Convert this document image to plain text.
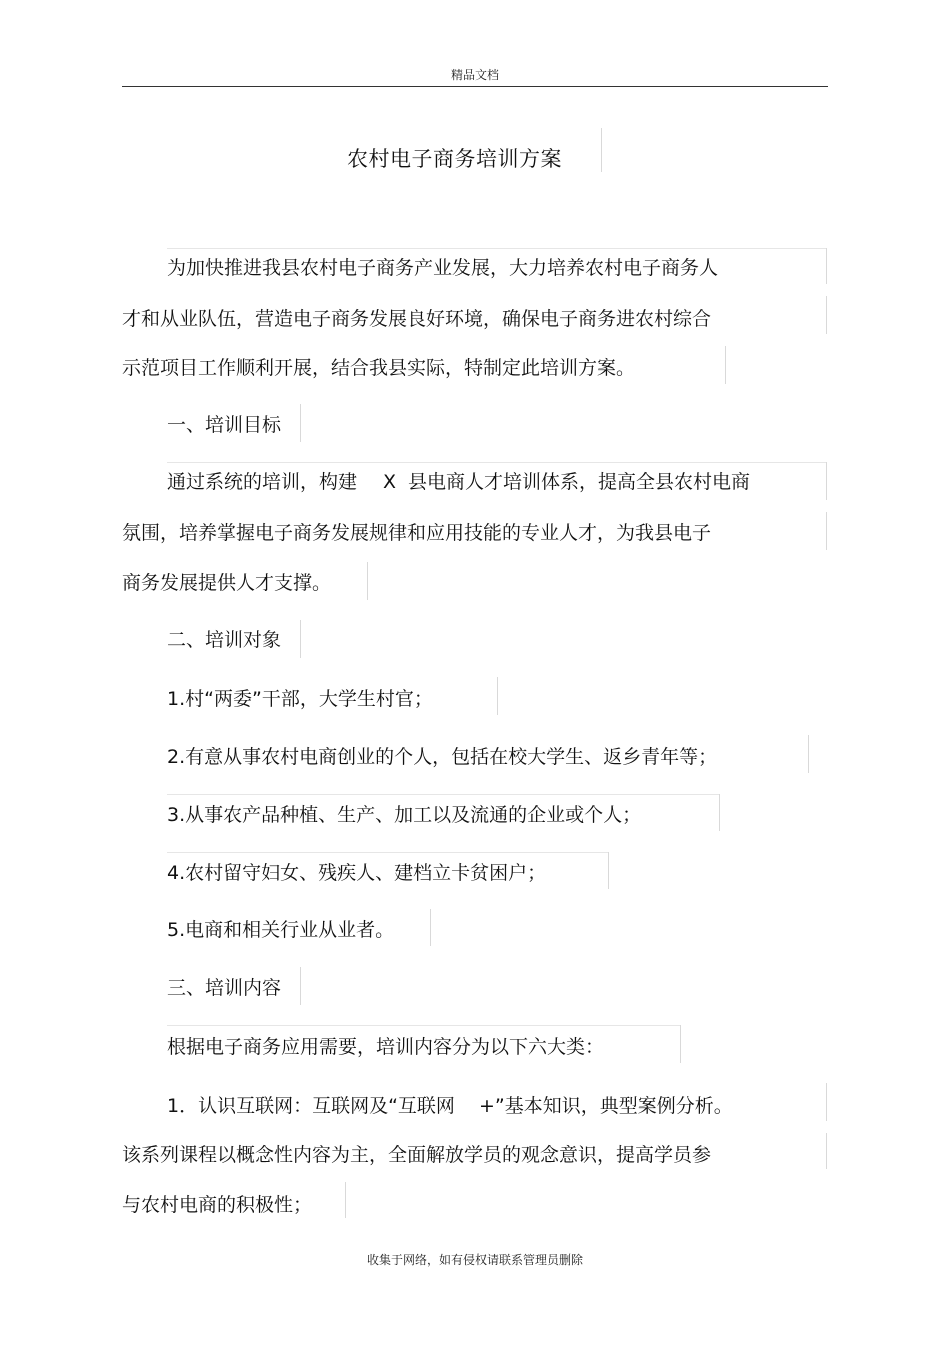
精品文档
农村电子商务培训方案
为加快推进我县农村电子商务产业发展，大力培养农村电子商务人
才和从业队伍，营造电子商务发展良好环境，确保电子商务进农村综合
示范项目工作顺利开展，结合我县实际，特制定此培训方案。
一、培训目标
通过系统的培训，构建 X 县电商人才培训体系，提高全县农村电商
氛围，培养掌握电子商务发展规律和应用技能的专业人才，为我县电子
商务发展提供人才支撑。
二、培训对象
1.村“两委”干部，大学生村官；
2.有意从事农村电商创业的个人，包括在校大学生、返乡青年等；
3.从事农产品种植、生产、加工以及流通的企业或个人；
4.农村留守妇女、残疾人、建档立卡贫困户；
5.电商和相关行业从业者。
三、培训内容
根据电子商务应用需要，培训内容分为以下六大类：
1．认识互联网：互联网及“互联网 +”基本知识，典型案例分析。
该系列课程以概念性内容为主，全面解放学员的观念意识，提高学员参
与农村电商的积极性；
收集于网络，如有侵权请联系管理员删除
